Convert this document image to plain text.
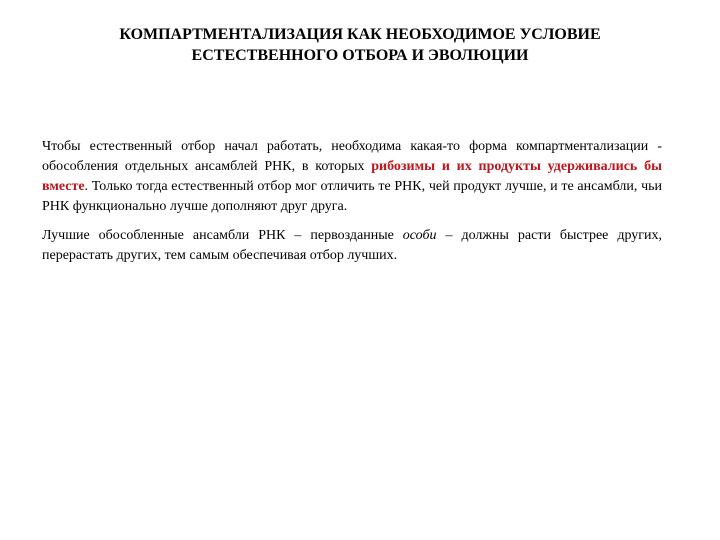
КОМПАРТМЕНТАЛИЗАЦИЯ КАК НЕОБХОДИМОЕ УСЛОВИЕ
ЕСТЕСТВЕННОГО ОТБОРА И ЭВОЛЮЦИИ

Чтобы естественный отбор начал работать, необходима какая-то форма компартментализации - обособления отдельных ансамблей РНК, в которых рибозимы и их продукты удерживались бы вместе. Только тогда естественный отбор мог отличить те РНК, чей продукт лучше, и те ансамбли, чьи РНК функционально лучше дополняют друг друга.

Лучшие обособленные ансамбли РНК – первозданные особи – должны расти быстрее других, перерастать других, тем самым обеспечивая отбор лучших.
